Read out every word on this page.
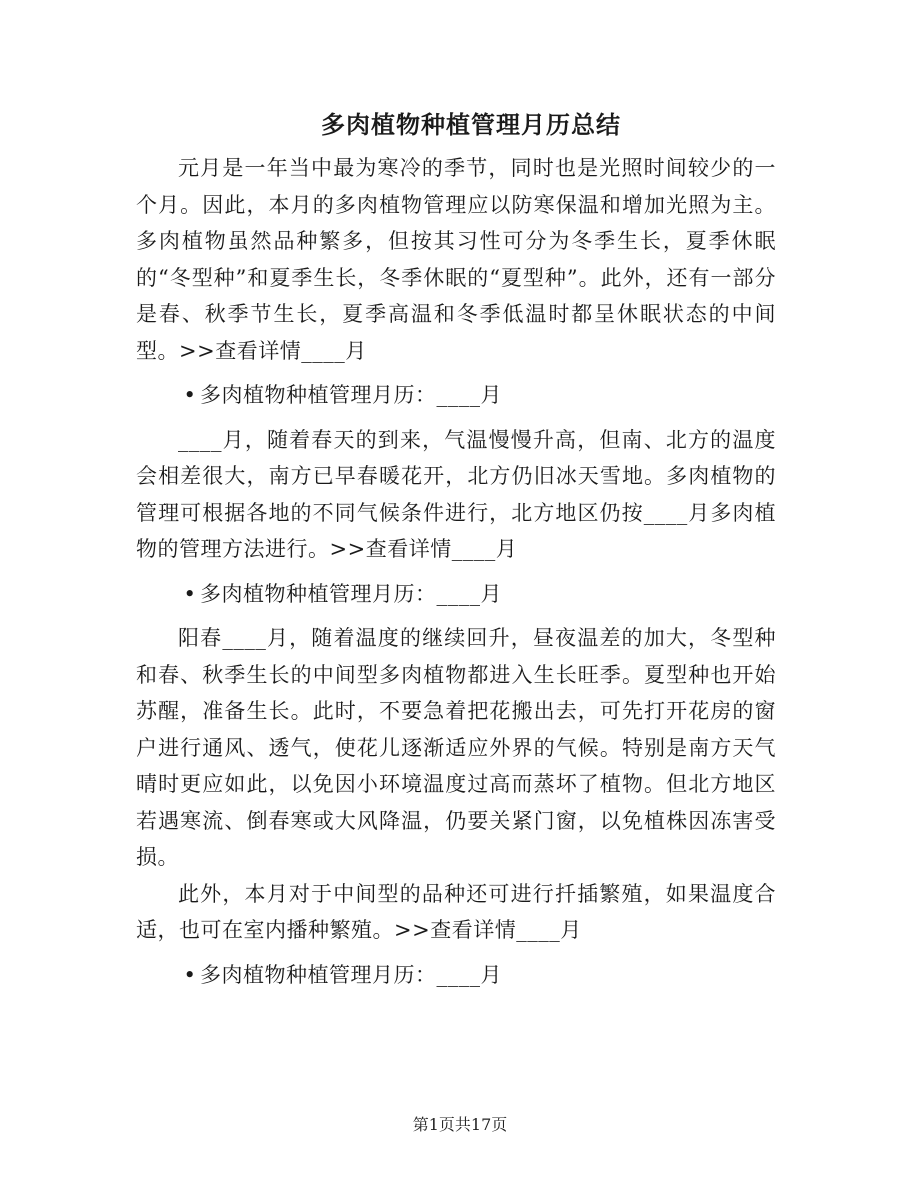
多肉植物种植管理月历总结

元月是一年当中最为寒冷的季节，同时也是光照时间较少的一个月。因此，本月的多肉植物管理应以防寒保温和增加光照为主。多肉植物虽然品种繁多，但按其习性可分为冬季生长，夏季休眠的“冬型种”和夏季生长，冬季休眠的“夏型种”。此外，还有一部分是春、秋季节生长，夏季高温和冬季低温时都呈休眠状态的中间型。>>查看详情____月

• 多肉植物种植管理月历：____月

____月，随着春天的到来，气温慢慢升高，但南、北方的温度会相差很大，南方已早春暖花开，北方仍旧冰天雪地。多肉植物的管理可根据各地的不同气候条件进行，北方地区仍按____月多肉植物的管理方法进行。>>查看详情____月

• 多肉植物种植管理月历：____月

阳春____月，随着温度的继续回升，昼夜温差的加大，冬型种和春、秋季生长的中间型多肉植物都进入生长旺季。夏型种也开始苏醒，准备生长。此时，不要急着把花搬出去，可先打开花房的窗户进行通风、透气，使花儿逐渐适应外界的气候。特别是南方天气晴时更应如此，以免因小环境温度过高而蒸坏了植物。但北方地区若遇寒流、倒春寒或大风降温，仍要关紧门窗，以免植株因冻害受损。

此外，本月对于中间型的品种还可进行扦插繁殖，如果温度合适，也可在室内播种繁殖。>>查看详情____月

• 多肉植物种植管理月历：____月

第1页共17页
